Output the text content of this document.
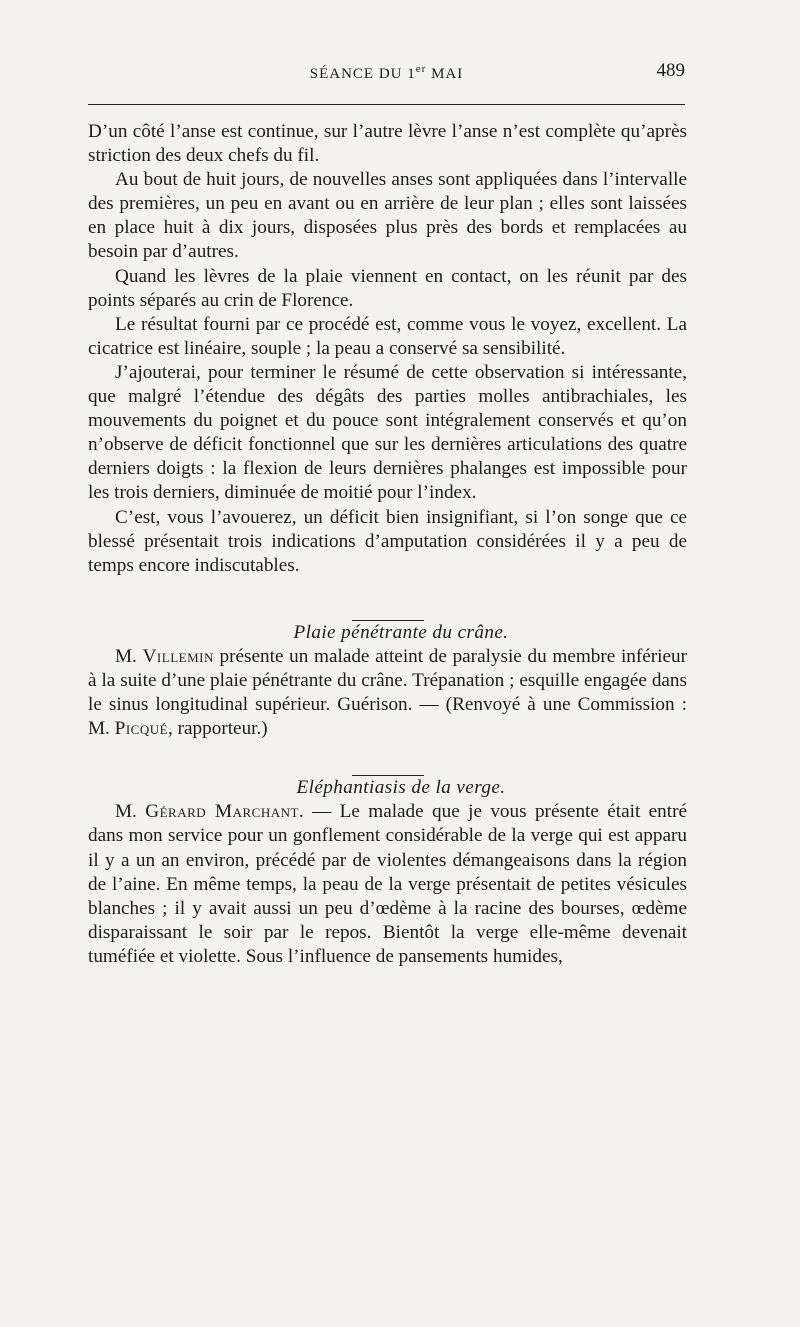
SÉANCE DU 1er MAI	489

D’un côté l’anse est continue, sur l’autre lèvre l’anse n’est complète qu’après striction des deux chefs du fil.

Au bout de huit jours, de nouvelles anses sont appliquées dans l’intervalle des premières, un peu en avant ou en arrière de leur plan ; elles sont laissées en place huit à dix jours, disposées plus près des bords et remplacées au besoin par d’autres.

Quand les lèvres de la plaie viennent en contact, on les réunit par des points séparés au crin de Florence.

Le résultat fourni par ce procédé est, comme vous le voyez, excellent. La cicatrice est linéaire, souple ; la peau a conservé sa sensibilité.

J’ajouterai, pour terminer le résumé de cette observation si intéressante, que malgré l’étendue des dégâts des parties molles antibrachiales, les mouvements du poignet et du pouce sont intégralement conservés et qu’on n’observe de déficit fonctionnel que sur les dernières articulations des quatre derniers doigts : la flexion de leurs dernières phalanges est impossible pour les trois derniers, diminuée de moitié pour l’index.

C’est, vous l’avouerez, un déficit bien insignifiant, si l’on songe que ce blessé présentait trois indications d’amputation considérées il y a peu de temps encore indiscutables.

Plaie pénétrante du crâne.

M. Villemin présente un malade atteint de paralysie du membre inférieur à la suite d’une plaie pénétrante du crâne. Trépanation ; esquille engagée dans le sinus longitudinal supérieur. Guérison. — (Renvoyé à une Commission : M. Picqué, rapporteur.)

Eléphantiasis de la verge.

M. Gérard Marchant. — Le malade que je vous présente était entré dans mon service pour un gonflement considérable de la verge qui est apparu il y a un an environ, précédé par de violentes démangeaisons dans la région de l’aine. En même temps, la peau de la verge présentait de petites vésicules blanches ; il y avait aussi un peu d’œdème à la racine des bourses, œdème disparaissant le soir par le repos. Bientôt la verge elle-même devenait tuméfiée et violette. Sous l’influence de pansements humides,
